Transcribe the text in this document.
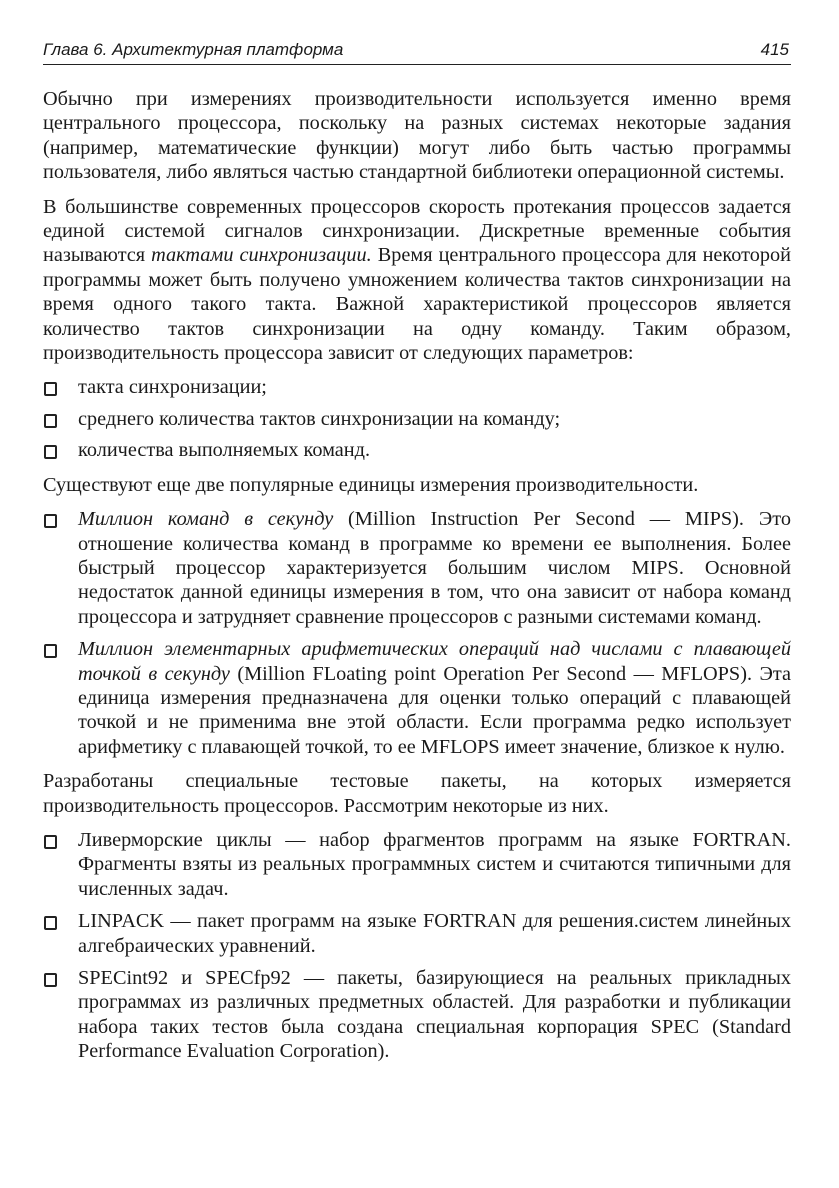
Глава 6. Архитектурная платформа	415

Обычно при измерениях производительности используется именно время центрального процессора, поскольку на разных системах некоторые задания (например, математические функции) могут либо быть частью программы пользователя, либо являться частью стандартной библиотеки операционной системы.

В большинстве современных процессоров скорость протекания процессов задается единой системой сигналов синхронизации. Дискретные временные события называются тактами синхронизации. Время центрального процессора для некоторой программы может быть получено умножением количества тактов синхронизации на время одного такого такта. Важной характеристикой процессоров является количество тактов синхронизации на одну команду. Таким образом, производительность процессора зависит от следующих параметров:

такта синхронизации;
среднего количества тактов синхронизации на команду;
количества выполняемых команд.

Существуют еще две популярные единицы измерения производительности.

Миллион команд в секунду (Million Instruction Per Second — MIPS). Это отношение количества команд в программе ко времени ее выполнения. Более быстрый процессор характеризуется большим числом MIPS. Основной недостаток данной единицы измерения в том, что она зависит от набора команд процессора и затрудняет сравнение процессоров с разными системами команд.
Миллион элементарных арифметических операций над числами с плавающей точкой в секунду (Million FLoating point Operation Per Second — MFLOPS). Эта единица измерения предназначена для оценки только операций с плавающей точкой и не применима вне этой области. Если программа редко использует арифметику с плавающей точкой, то ее MFLOPS имеет значение, близкое к нулю.

Разработаны специальные тестовые пакеты, на которых измеряется производительность процессоров. Рассмотрим некоторые из них.

Ливерморские циклы — набор фрагментов программ на языке FORTRAN. Фрагменты взяты из реальных программных систем и считаются типичными для численных задач.
LINPACK — пакет программ на языке FORTRAN для решения.систем линейных алгебраических уравнений.
SPECint92 и SPECfp92 — пакеты, базирующиеся на реальных прикладных программах из различных предметных областей. Для разработки и публикации набора таких тестов была создана специальная корпорация SPEC (Standard Performance Evaluation Corporation).
